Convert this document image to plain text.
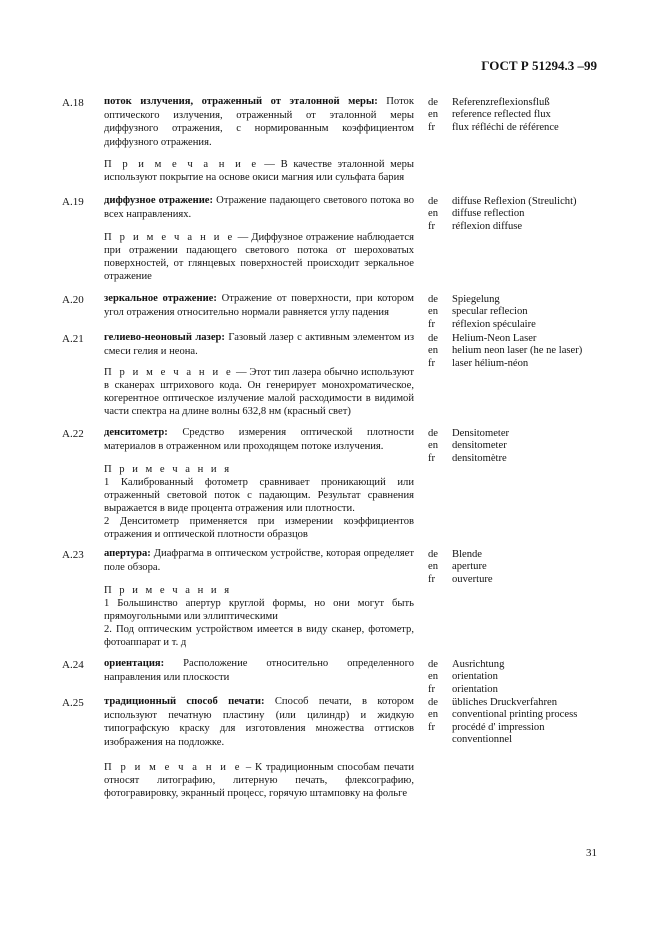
ГОСТ Р 51294.3 –99
A.18 поток излучения, отраженный от эталонной меры: Поток оптического излучения, отраженный от эталонной меры диффузного отражения, с нормированным коэффициентом диффузного отражения.
П р и м е ч а н и е — В качестве эталонной меры используют покрытие на основе окиси магния или сульфата бария
de
en
fr
Referenzreflexionsfluß
reference reflected flux
flux réfléchi de référence
A.19 диффузное отражение: Отражение падающего светового потока во всех направлениях.
П р и м е ч а н и е — Диффузное отражение наблюдается при отражении падающего светового потока от шероховатых поверхностей, от глянцевых поверхностей происходит зеркальное отражение
de
en
fr
diffuse Reflexion (Streulicht)
diffuse reflection
réflexion diffuse
A.20 зеркальное отражение: Отражение от поверхности, при котором угол отражения относительно нормали равняется углу падения
de
en
fr
Spiegelung
specular reflecion
réflexion spéculaire
A.21 гелиево-неоновый лазер: Газовый лазер с активным элементом из смеси гелия и неона.
П р и м е ч а н и е — Этот тип лазера обычно используют в сканерах штрихового кода. Он генерирует монохроматическое, когерентное оптическое излучение малой расходимости в видимой части спектра на длине волны 632,8 нм (красный свет)
de
en
fr
Helium-Neon Laser
helium neon laser (he ne laser)
laser hélium-néon
A.22 денситометр: Средство измерения оптической плотности материалов в отраженном или проходящем потоке излучения.
П р и м е ч а н и я
1 Калиброванный фотометр сравнивает проникающий или отраженный световой поток с падающим. Результат сравнения выражается в виде процента отражения или плотности.
2 Денситометр применяется при измерении коэффициентов отражения и оптической плотности образцов
de
en
fr
Densitometer
densitometer
densitomètre
A.23 апертура: Диафрагма в оптическом устройстве, которая определяет поле обзора.
П р и м е ч а н и я
1 Большинство апертур круглой формы, но они могут быть прямоугольными или эллиптическими
2. Под оптическим устройством имеется в виду сканер, фотометр, фотоаппарат и т. д
de
en
fr
Blende
aperture
ouverture
A.24 ориентация: Расположение относительно определенного направления или плоскости
de
en
fr
Ausrichtung
orientation
orientation
A.25 традиционный способ печати: Способ печати, в котором используют печатную пластину (или цилиндр) и жидкую типографскую краску для изготовления множества оттисков изображения на подложке.
П р и м е ч а н и е – К традиционным способам печати относят литографию, литерную печать, флексографию, фотогравировку, экранный процесс, горячую штамповку на фольге
de
en
fr
übliches Druckverfahren
conventional printing process
procédé d' impression
conventionnel
31
